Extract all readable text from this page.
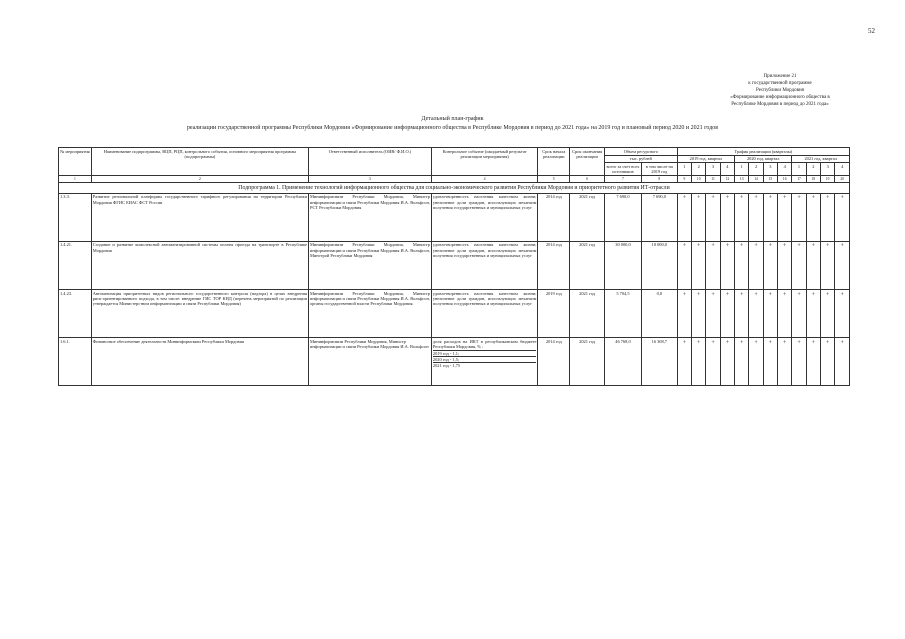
52
Приложение 21
к государственной программе
Республики Мордовия
«Формирование информационного общества в
Республике Мордовия в период до 2021 года»
Детальный план-график
реализации государственной программы Республики Мордовия «Формирование информационного общества в Республике Мордовия в период до 2021 года» на 2019 год и плановый период 2020 и 2021 годов
№ мероприятия	Наименование подпрограммы, ВЦП, РЦП, контрольного события, основного мероприятия программы (подпрограммы)	Ответственный исполнитель (ОИВ/ Ф.И.О.)	Контрольное событие (ожидаемый результат реализации мероприятия)	Срок начала реализации	Срок окончания реализации	Объем ресурсного		График реализации (кварталы)											
						тыс. рублей		2019 год, квартал				2020 год, квартал				2021 год, квартал			
						всего за счет всех источников	в том числе на 2019 год	1	2	3	4	1	2	3	4	1	2	3	4

1	2	3	4	5	6	7	8	9	10	11	12	13	14	15	16	17	18	19	20
Подпрограмма 1. Применение технологий информационного общества для социально-экономического развития Республики Мордовия и приоритетного развития ИТ-отрасли																			
1.3.3.	Развитие региональной платформы государственного тарифного регулирования на территории Республики Мордовия ФГИС ЕИАС ФСТ России	Мининформсвязи Республики Мордовия, Министр информатизации и связи Республики Мордовия И.А. Вольфсон, РСТ Республики Мордовия	удовлетворенность населения качеством жизни; увеличение доли граждан, использующих механизм получения государственных и муниципальных услуг	2014 год	2021 год	7 690,0	7 690,0	+	+	+	+	+	+	+	+	+	+	+	+
1.4.21.	Создание и развитие комплексной автоматизированной системы оплаты проезда на транспорте в Республике Мордовия	Мининформсвязи Республики Мордовия, Министр информатизации и связи Республики Мордовия И.А. Вольфсон, Минстрой Республики Мордовия	удовлетворенность населения качеством жизни; увеличение доли граждан, использующих механизм получения государственных и муниципальных услуг	2014 год	2021 год	30 000,0	10 000,0	+	+	+	+	+	+	+	+	+	+	+	+
1.4.23.	Автоматизация приоритетных видов регионального государственного контроля (надзора) в целях внедрения риск-ориентированного подхода, в том числе: внедрение ГИС ТОР КНД (перечень мероприятий по реализации утверждается Министерством информатизации и связи Республики Мордовия)	Мининформсвязи Республики Мордовия, Министр информатизации и связи Республики Мордовия И.А. Вольфсон, органы государственной власти Республики Мордовия	удовлетворенность населения качеством жизни; увеличение доли граждан, использующих механизм получения государственных и муниципальных услуг	2019 год	2021 год	5 704,5	0,0	+	+	+	+	+	+	+	+	+	+	+	+
1.6.1.	Финансовое обеспечение деятельности Мининформсвязи Республики Мордовия	Мининформсвязи Республики Мордовия, Министр информатизации и связи Республики Мордовия И.А. Вольфсон	доля расходов на ИКТ в республиканском бюджете Республики Мордовия, % :
2019 год - 1,1;
2020 год - 1,5;
2021 год - 1,75	2014 год	2021 год	46 768,0	16 308,7	+	+	+	+	+	+	+	+	+	+	+	+
